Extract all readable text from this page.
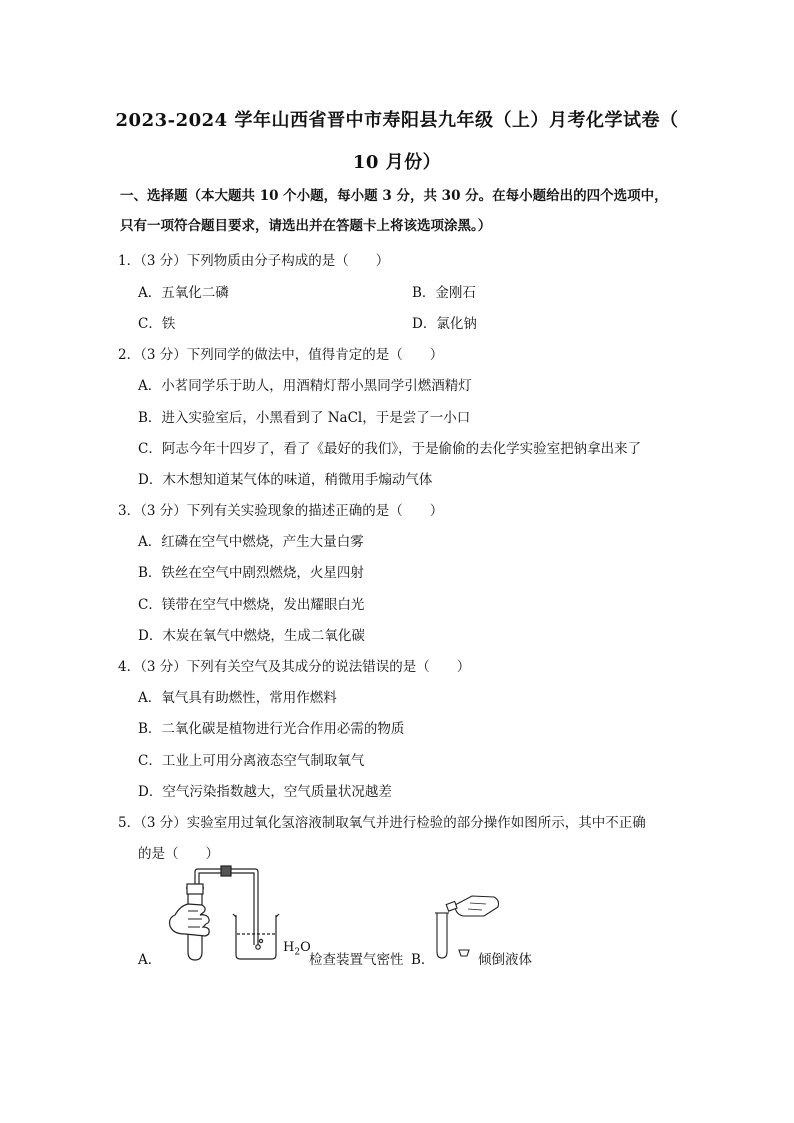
2023-2024 学年山西省晋中市寿阳县九年级（上）月考化学试卷（
10 月份）
一、选择题（本大题共 10 个小题，每小题 3 分，共 30 分。在每小题给出的四个选项中，
只有一项符合题目要求，请选出并在答题卡上将该选项涂黑。）
1．（3 分）下列物质由分子构成的是（　　）
A．五氧化二磷	B．金刚石
C．铁	D．氯化钠
2．（3 分）下列同学的做法中，值得肯定的是（　　）
A．小茗同学乐于助人，用酒精灯帮小黑同学引燃酒精灯
B．进入实验室后，小黑看到了 NaCl，于是尝了一小口
C．阿志今年十四岁了，看了《最好的我们》，于是偷偷的去化学实验室把钠拿出来了
D．木木想知道某气体的味道，稍微用手煽动气体
3．（3 分）下列有关实验现象的描述正确的是（　　）
A．红磷在空气中燃烧，产生大量白雾
B．铁丝在空气中剧烈燃烧，火星四射
C．镁带在空气中燃烧，发出耀眼白光
D．木炭在氧气中燃烧，生成二氧化碳
4．（3 分）下列有关空气及其成分的说法错误的是（　　）
A．氧气具有助燃性，常用作燃料
B．二氧化碳是植物进行光合作用必需的物质
C．工业上可用分离液态空气制取氧气
D．空气污染指数越大，空气质量状况越差
5．（3 分）实验室用过氧化氢溶液制取氧气并进行检验的部分操作如图所示，其中不正确
的是（　　）
A．
$H_2O$
检查装置气密性 B．	倾倒液体
